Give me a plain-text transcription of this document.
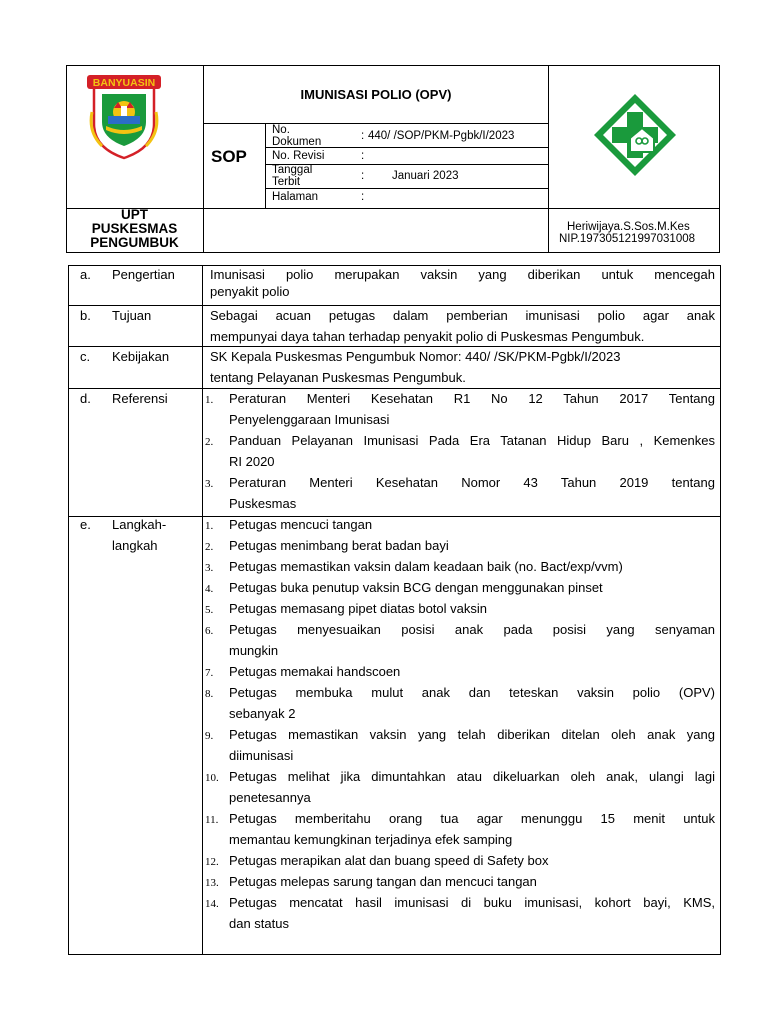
BANYUASIN
IMUNISASI POLIO (OPV)
SOP
No.
Dokumen	: 440/ /SOP/PKM-Pgbk/I/2023
No. Revisi	:
Tanggal
Terbit	: Januari 2023
Halaman	:
UPT
PUSKESMAS
PENGUMBUK
Heriwijaya.S.Sos.M.Kes
NIP.197305121997031008
a. Pengertian	Imunisasi polio merupakan vaksin yang diberikan untuk mencegah
penyakit polio
b. Tujuan	Sebagai acuan petugas dalam pemberian imunisasi polio agar anak
mempunyai daya tahan terhadap penyakit polio di Puskesmas Pengumbuk.
c. Kebijakan	SK Kepala Puskesmas Pengumbuk Nomor: 440/ /SK/PKM-Pgbk/I/2023
tentang Pelayanan Puskesmas Pengumbuk.
d. Referensi	1. Peraturan Menteri Kesehatan R1 No 12 Tahun 2017 Tentang
Penyelenggaraan Imunisasi
2. Panduan Pelayanan Imunisasi Pada Era Tatanan Hidup Baru , Kemenkes
RI 2020
3. Peraturan Menteri Kesehatan Nomor 43 Tahun 2019 tentang
Puskesmas
e. Langkah-
langkah
1. Petugas mencuci tangan
2. Petugas menimbang berat badan bayi
3. Petugas memastikan vaksin dalam keadaan baik (no. Bact/exp/vvm)
4. Petugas buka penutup vaksin BCG dengan menggunakan pinset
5. Petugas memasang pipet diatas botol vaksin
6. Petugas menyesuaikan posisi anak pada posisi yang senyaman
mungkin
7. Petugas memakai handscoen
8. Petugas membuka mulut anak dan teteskan vaksin polio (OPV)
sebanyak 2
9. Petugas memastikan vaksin yang telah diberikan ditelan oleh anak yang
diimunisasi
10. Petugas melihat jika dimuntahkan atau dikeluarkan oleh anak, ulangi lagi
penetesannya
11. Petugas memberitahu orang tua agar menunggu 15 menit untuk
memantau kemungkinan terjadinya efek samping
12. Petugas merapikan alat dan buang speed di Safety box
13. Petugas melepas sarung tangan dan mencuci tangan
14. Petugas mencatat hasil imunisasi di buku imunisasi, kohort bayi, KMS,
dan status
